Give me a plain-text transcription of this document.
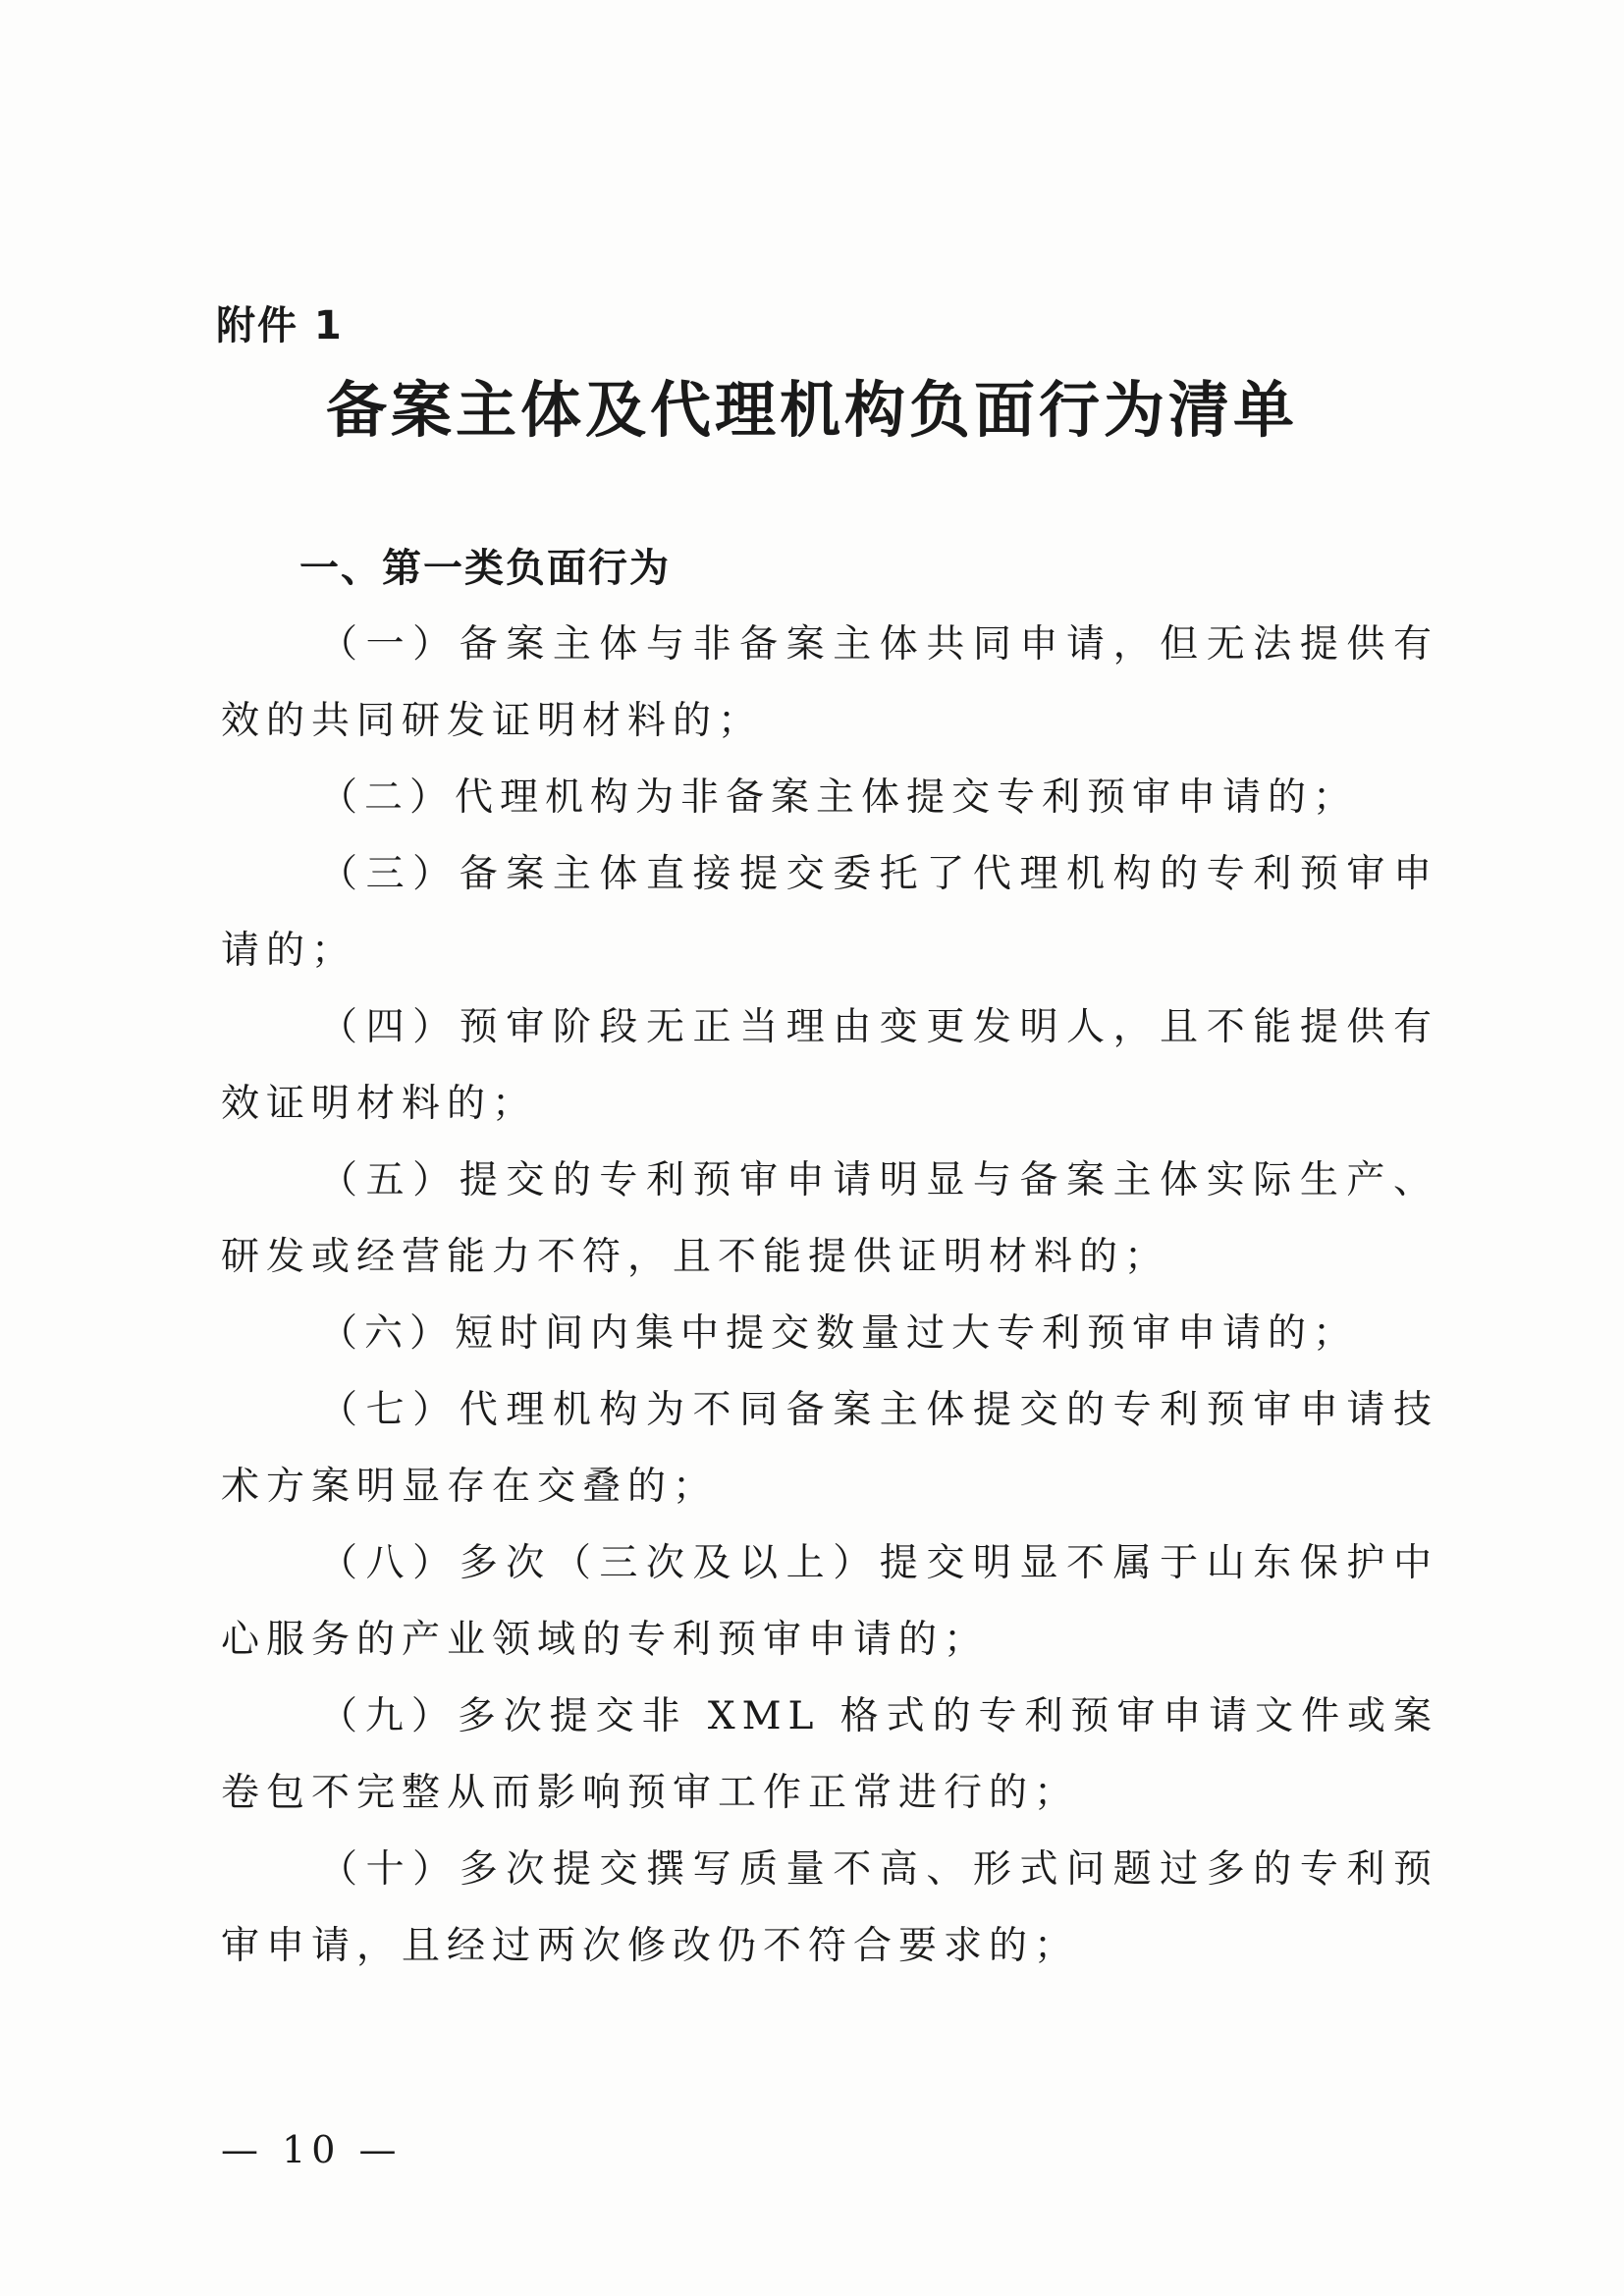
附件 1
备案主体及代理机构负面行为清单
一、第一类负面行为

（一）备案主体与非备案主体共同申请，但无法提供有效的共同研发证明材料的；

（二）代理机构为非备案主体提交专利预审申请的；

（三）备案主体直接提交委托了代理机构的专利预审申请的；

（四）预审阶段无正当理由变更发明人，且不能提供有效证明材料的；

（五）提交的专利预审申请明显与备案主体实际生产、研发或经营能力不符，且不能提供证明材料的；

（六）短时间内集中提交数量过大专利预审申请的；

（七）代理机构为不同备案主体提交的专利预审申请技术方案明显存在交叠的；

（八）多次（三次及以上）提交明显不属于山东保护中心服务的产业领域的专利预审申请的；

（九）多次提交非 XML 格式的专利预审申请文件或案卷包不完整从而影响预审工作正常进行的；

（十）多次提交撰写质量不高、形式问题过多的专利预审申请，且经过两次修改仍不符合要求的；

— 10 —
